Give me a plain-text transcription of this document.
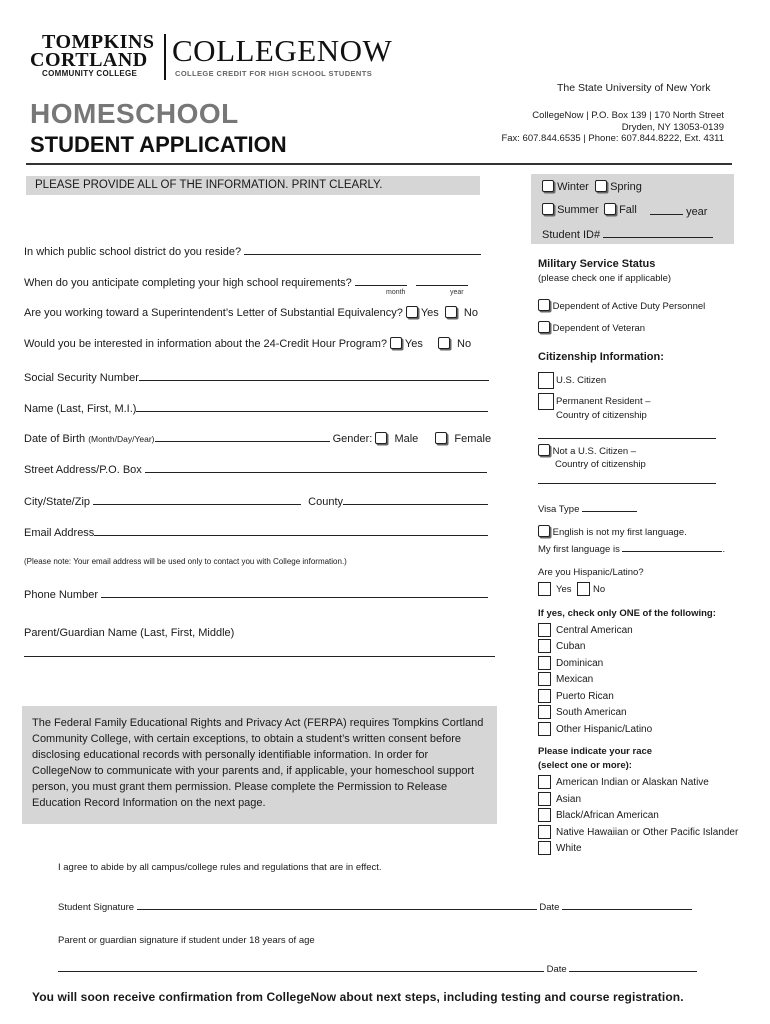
TOMPKINS
CORTLAND
COMMUNITY COLLEGE
COLLEGENOW
COLLEGE CREDIT FOR HIGH SCHOOL STUDENTS
The State University of New York
HOMESCHOOL
STUDENT APPLICATION
CollegeNow | P.O. Box 139 | 170 North Street
Dryden, NY 13053-0139
Fax: 607.844.6535 | Phone: 607.844.8222, Ext. 4311
PLEASE PROVIDE ALL OF THE INFORMATION. PRINT CLEARLY.	Winter	Spring
Summer	Fall	year
Student ID#
In which public school district do you reside?
When do you anticipate completing your high school requirements?
month	year
Are you working toward a Superintendent’s Letter of Substantial Equivalency? Yes No
Would you be interested in information about the 24-Credit Hour Program? Yes	No
Social Security Number
Name (Last, First, M.I.)
Date of Birth (Month/Day/Year)	Gender: Male	Female
Street Address/P.O. Box
City/State/Zip	County
Email Address
(Please note: Your email address will be used only to contact you with College information.)
Phone Number
Parent/Guardian Name (Last, First, Middle)
The Federal Family Educational Rights and Privacy Act (FERPA) requires Tompkins Cortland Community College, with certain exceptions, to obtain a student’s written consent before disclosing educational records with personally identifiable information. In order for CollegeNow to communicate with your parents and, if applicable, your homeschool support person, you must grant them permission. Please complete the Permission to Release Education Record Information on the next page.
Military Service Status
(please check one if applicable)
Dependent of Active Duty Personnel
Dependent of Veteran
Citizenship Information:
U.S. Citizen
Permanent Resident –
Country of citizenship
Not a U.S. Citizen –
Country of citizenship
Visa Type
English is not my first language.
My first language is	.
Are you Hispanic/Latino?
Yes No
If yes, check only ONE of the following:
Central American
Cuban
Dominican
Mexican
Puerto Rican
South American
Other Hispanic/Latino
Please indicate your race
(select one or more):
American Indian or Alaskan Native
Asian
Black/African American
Native Hawaiian or Other Pacific Islander
White
I agree to abide by all campus/college rules and regulations that are in effect.
Student Signature	Date
Parent or guardian signature if student under 18 years of age
Date
You will soon receive confirmation from CollegeNow about next steps, including testing and course registration.
